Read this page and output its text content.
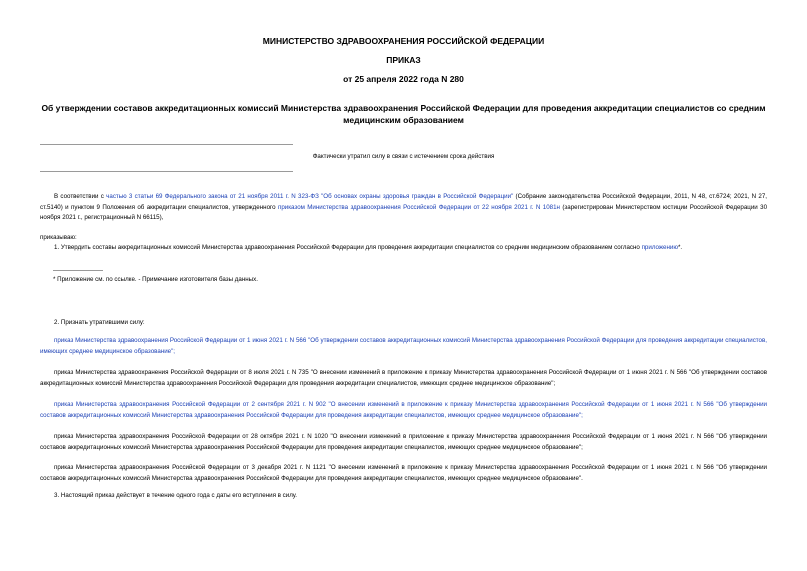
МИНИСТЕРСТВО ЗДРАВООХРАНЕНИЯ РОССИЙСКОЙ ФЕДЕРАЦИИ
ПРИКАЗ
от 25 апреля 2022 года N 280
Об утверждении составов аккредитационных комиссий Министерства здравоохранения Российской Федерации для проведения аккредитации специалистов со средним медицинским образованием
Фактически утратил силу в связи с истечением срока действия
В соответствии с частью 3 статьи 69 Федерального закона от 21 ноября 2011 г. N 323-ФЗ "Об основах охраны здоровья граждан в Российской Федерации" (Собрание законодательства Российской Федерации, 2011, N 48, ст.6724; 2021, N 27, ст.5140) и пунктом 9 Положения об аккредитации специалистов, утвержденного приказом Министерства здравоохранения Российской Федерации от 22 ноября 2021 г. N 1081н (зарегистрирован Министерством юстиции Российской Федерации 30 ноября 2021 г., регистрационный N 66115),
приказываю:
1. Утвердить составы аккредитационных комиссий Министерства здравоохранения Российской Федерации для проведения аккредитации специалистов со средним медицинским образованием согласно приложению*.
* Приложение см. по ссылке. - Примечание изготовителя базы данных.
2. Признать утратившими силу:
приказ Министерства здравоохранения Российской Федерации от 1 июня 2021 г. N 566 "Об утверждении составов аккредитационных комиссий Министерства здравоохранения Российской Федерации для проведения аккредитации специалистов, имеющих среднее медицинское образование";
приказ Министерства здравоохранения Российской Федерации от 8 июля 2021 г. N 735 "О внесении изменений в приложение к приказу Министерства здравоохранения Российской Федерации от 1 июня 2021 г. N 566 "Об утверждении составов аккредитационных комиссий Министерства здравоохранения Российской Федерации для проведения аккредитации специалистов, имеющих среднее медицинское образование";
приказ Министерства здравоохранения Российской Федерации от 2 сентября 2021 г. N 902 "О внесении изменений в приложение к приказу Министерства здравоохранения Российской Федерации от 1 июня 2021 г. N 566 "Об утверждении составов аккредитационных комиссий Министерства здравоохранения Российской Федерации для проведения аккредитации специалистов, имеющих среднее медицинское образование";
приказ Министерства здравоохранения Российской Федерации от 28 октября 2021 г. N 1020 "О внесении изменений в приложение к приказу Министерства здравоохранения Российской Федерации от 1 июня 2021 г. N 566 "Об утверждении составов аккредитационных комиссий Министерства здравоохранения Российской Федерации для проведения аккредитации специалистов, имеющих среднее медицинское образование";
приказ Министерства здравоохранения Российской Федерации от 3 декабря 2021 г. N 1121 "О внесении изменений в приложение к приказу Министерства здравоохранения Российской Федерации от 1 июня 2021 г. N 566 "Об утверждении составов аккредитационных комиссий Министерства здравоохранения Российской Федерации для проведения аккредитации специалистов, имеющих среднее медицинское образование".
3. Настоящий приказ действует в течение одного года с даты его вступления в силу.
